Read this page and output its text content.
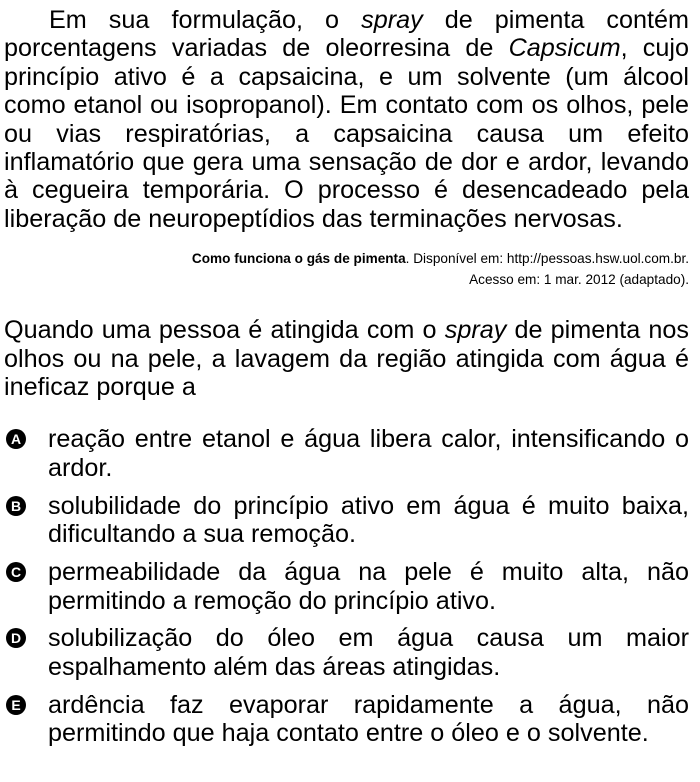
Em sua formulação, o spray de pimenta contém porcentagens variadas de oleorresina de Capsicum, cujo princípio ativo é a capsaicina, e um solvente (um álcool como etanol ou isopropanol). Em contato com os olhos, pele ou vias respiratórias, a capsaicina causa um efeito inflamatório que gera uma sensação de dor e ardor, levando à cegueira temporária. O processo é desencadeado pela liberação de neuropeptídios das terminações nervosas.

Como funciona o gás de pimenta. Disponível em: http://pessoas.hsw.uol.com.br.
Acesso em: 1 mar. 2012 (adaptado).

Quando uma pessoa é atingida com o spray de pimenta nos olhos ou na pele, a lavagem da região atingida com água é ineficaz porque a

A reação entre etanol e água libera calor, intensificando o ardor.
B solubilidade do princípio ativo em água é muito baixa, dificultando a sua remoção.
C permeabilidade da água na pele é muito alta, não permitindo a remoção do princípio ativo.
D solubilização do óleo em água causa um maior espalhamento além das áreas atingidas.
E ardência faz evaporar rapidamente a água, não permitindo que haja contato entre o óleo e o solvente.
